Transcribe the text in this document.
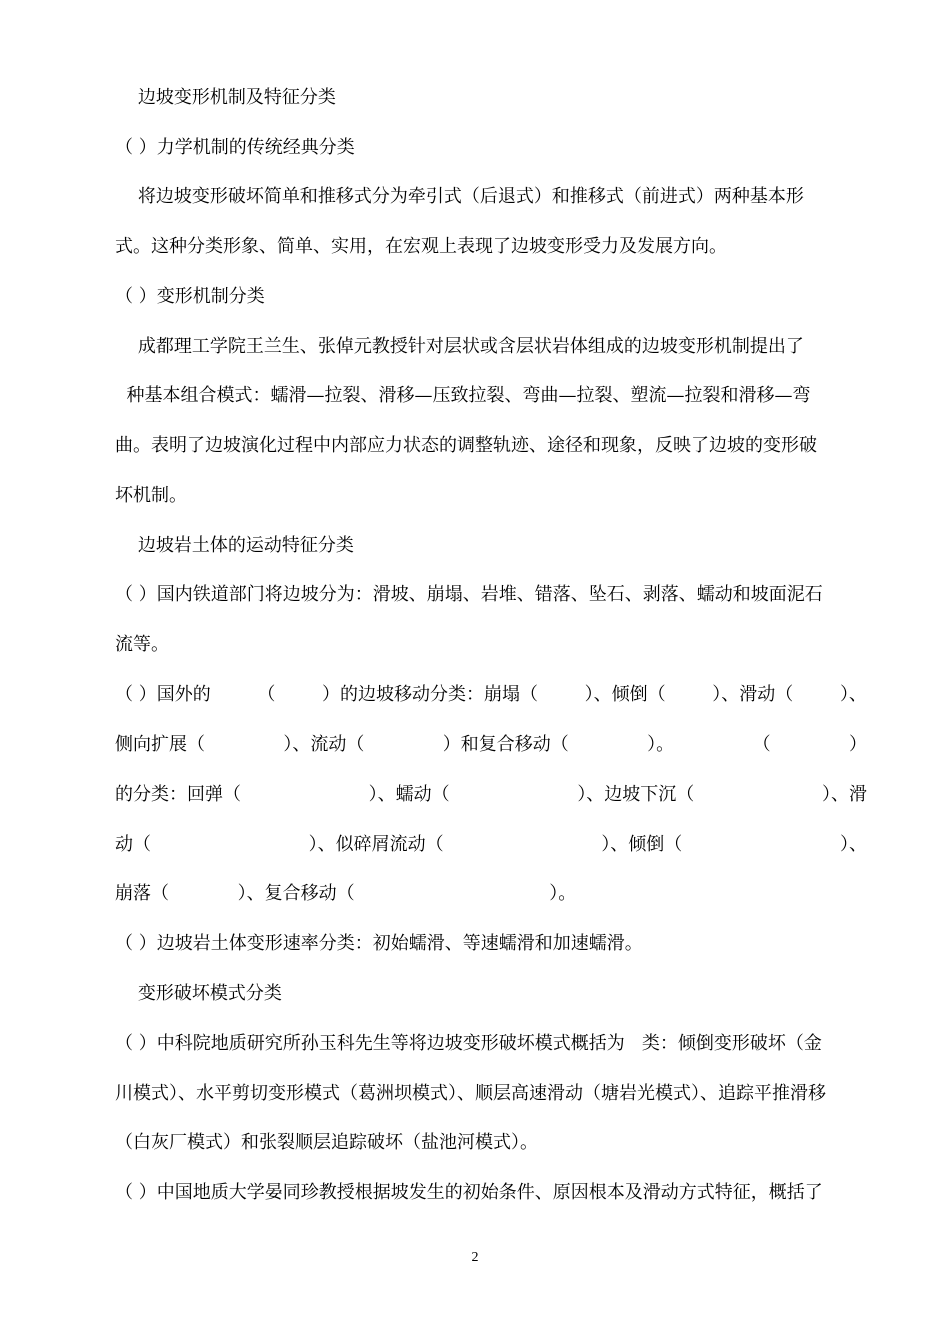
边坡变形机制及特征分类
（ ）力学机制的传统经典分类
将边坡变形破坏简单和推移式分为牵引式（后退式）和推移式（前进式）两种基本形
式。这种分类形象、简单、实用，在宏观上表现了边坡变形受力及发展方向。
（ ）变形机制分类
成都理工学院王兰生、张倬元教授针对层状或含层状岩体组成的边坡变形机制提出了
种基本组合模式：蠕滑—拉裂、滑移—压致拉裂、弯曲—拉裂、塑流—拉裂和滑移—弯
曲。表明了边坡演化过程中内部应力状态的调整轨迹、途径和现象，反映了边坡的变形破
坏机制。
边坡岩土体的运动特征分类
（ ）国内铁道部门将边坡分为：滑坡、崩塌、岩堆、错落、坠石、剥落、蠕动和坡面泥石
流等。
（ ）国外的	（	）的边坡移动分类：崩塌（	）、倾倒（	）、滑动（	）、
侧向扩展（	）、流动（	）和复合移动（	）。	（	）
的分类：回弹（	）、蠕动（	）、边坡下沉（	）、滑
动（	）、似碎屑流动（	）、倾倒（	）、
崩落（            ）、复合移动（                                  ）。
（ ）边坡岩土体变形速率分类：初始蠕滑、等速蠕滑和加速蠕滑。
变形破坏模式分类
（ ）中科院地质研究所孙玉科先生等将边坡变形破坏模式概括为   类：倾倒变形破坏（金
川模式）、水平剪切变形模式（葛洲坝模式）、顺层高速滑动（塘岩光模式）、追踪平推滑移
（白灰厂模式）和张裂顺层追踪破坏（盐池河模式）。
（ ）中国地质大学晏同珍教授根据坡发生的初始条件、原因根本及滑动方式特征，概括了
2
